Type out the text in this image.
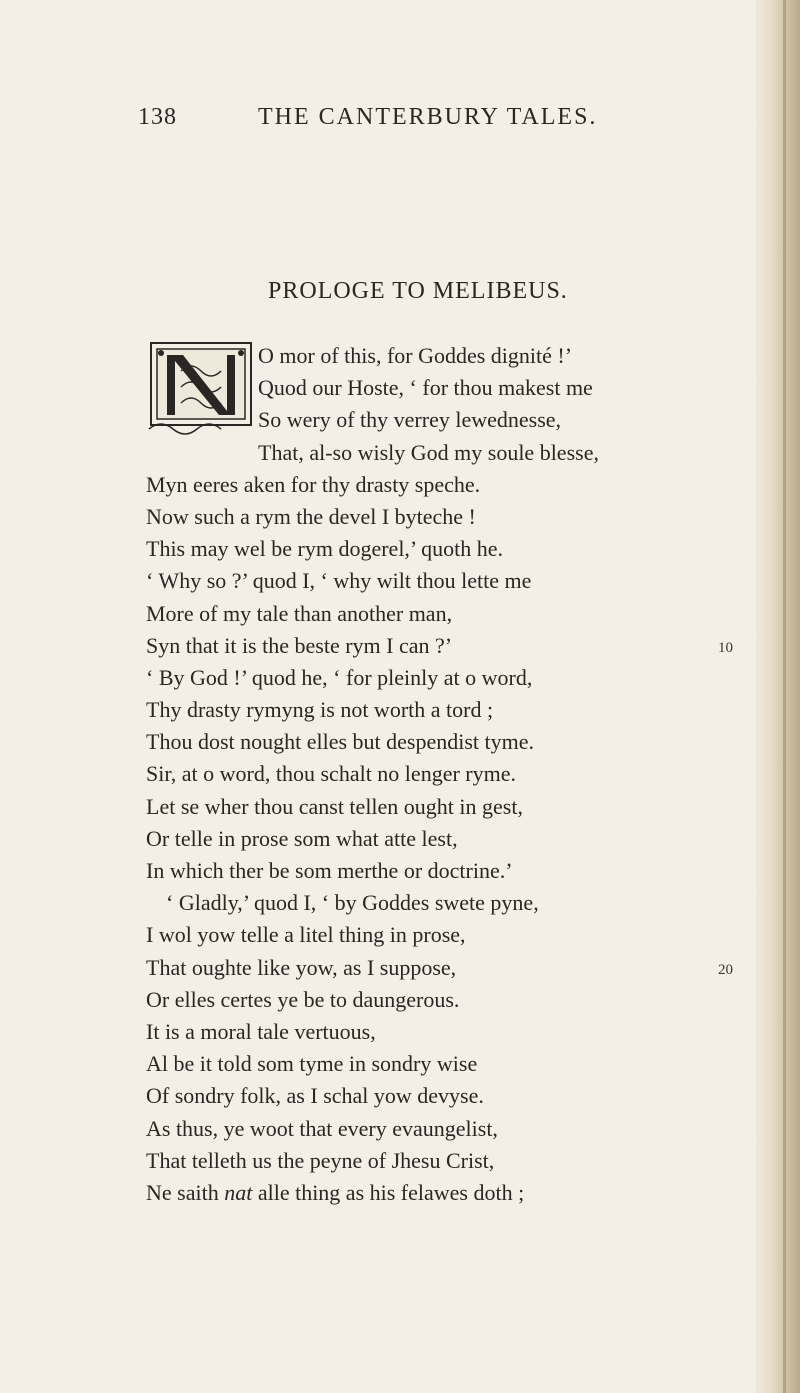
138	THE CANTERBURY TALES.
PROLOGE TO MELIBEUS.
O mor of this, for Goddes dignité !’
Quod our Hoste, ‘ for thou makest me
So wery of thy verrey lewednesse,
That, al-so wisly God my soule blesse,
Myn eeres aken for thy drasty speche.
Now such a rym the devel I byteche !
This may wel be rym dogerel,’ quoth he.
‘ Why so ?’ quod I, ‘ why wilt thou lette me
More of my tale than another man,
Syn that it is the beste rym I can ?’	10
‘ By God !’ quod he, ‘ for pleinly at o word,
Thy drasty rymyng is not worth a tord ;
Thou dost nought elles but despendist tyme.
Sir, at o word, thou schalt no lenger ryme.
Let se wher thou canst tellen ought in gest,
Or telle in prose som what atte lest,
In which ther be som merthe or doctrine.’
‘ Gladly,’ quod I, ‘ by Goddes swete pyne,
I wol yow telle a litel thing in prose,
That oughte like yow, as I suppose,	20
Or elles certes ye be to daungerous.
It is a moral tale vertuous,
Al be it told som tyme in sondry wise
Of sondry folk, as I schal yow devyse.
As thus, ye woot that every evaungelist,
That telleth us the peyne of Jhesu Crist,
Ne saith nat alle thing as his felawes doth ;
